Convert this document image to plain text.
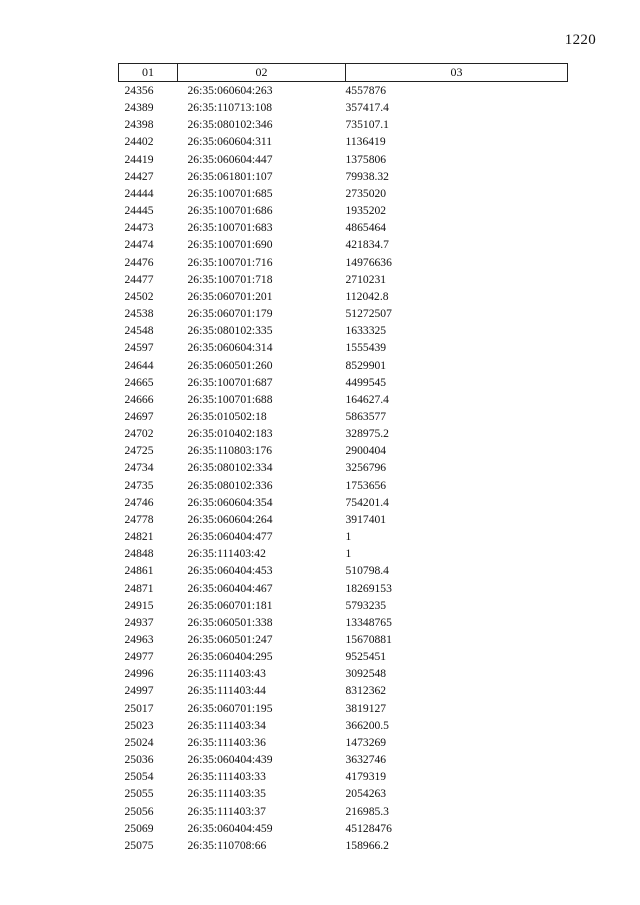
1220
01	02	03
24356	26:35:060604:263	4557876
24389	26:35:110713:108	357417.4
24398	26:35:080102:346	735107.1
24402	26:35:060604:311	1136419
24419	26:35:060604:447	1375806
24427	26:35:061801:107	79938.32
24444	26:35:100701:685	2735020
24445	26:35:100701:686	1935202
24473	26:35:100701:683	4865464
24474	26:35:100701:690	421834.7
24476	26:35:100701:716	14976636
24477	26:35:100701:718	2710231
24502	26:35:060701:201	112042.8
24538	26:35:060701:179	51272507
24548	26:35:080102:335	1633325
24597	26:35:060604:314	1555439
24644	26:35:060501:260	8529901
24665	26:35:100701:687	4499545
24666	26:35:100701:688	164627.4
24697	26:35:010502:18	5863577
24702	26:35:010402:183	328975.2
24725	26:35:110803:176	2900404
24734	26:35:080102:334	3256796
24735	26:35:080102:336	1753656
24746	26:35:060604:354	754201.4
24778	26:35:060604:264	3917401
24821	26:35:060404:477	1
24848	26:35:111403:42	1
24861	26:35:060404:453	510798.4
24871	26:35:060404:467	18269153
24915	26:35:060701:181	5793235
24937	26:35:060501:338	13348765
24963	26:35:060501:247	15670881
24977	26:35:060404:295	9525451
24996	26:35:111403:43	3092548
24997	26:35:111403:44	8312362
25017	26:35:060701:195	3819127
25023	26:35:111403:34	366200.5
25024	26:35:111403:36	1473269
25036	26:35:060404:439	3632746
25054	26:35:111403:33	4179319
25055	26:35:111403:35	2054263
25056	26:35:111403:37	216985.3
25069	26:35:060404:459	45128476
25075	26:35:110708:66	158966.2
